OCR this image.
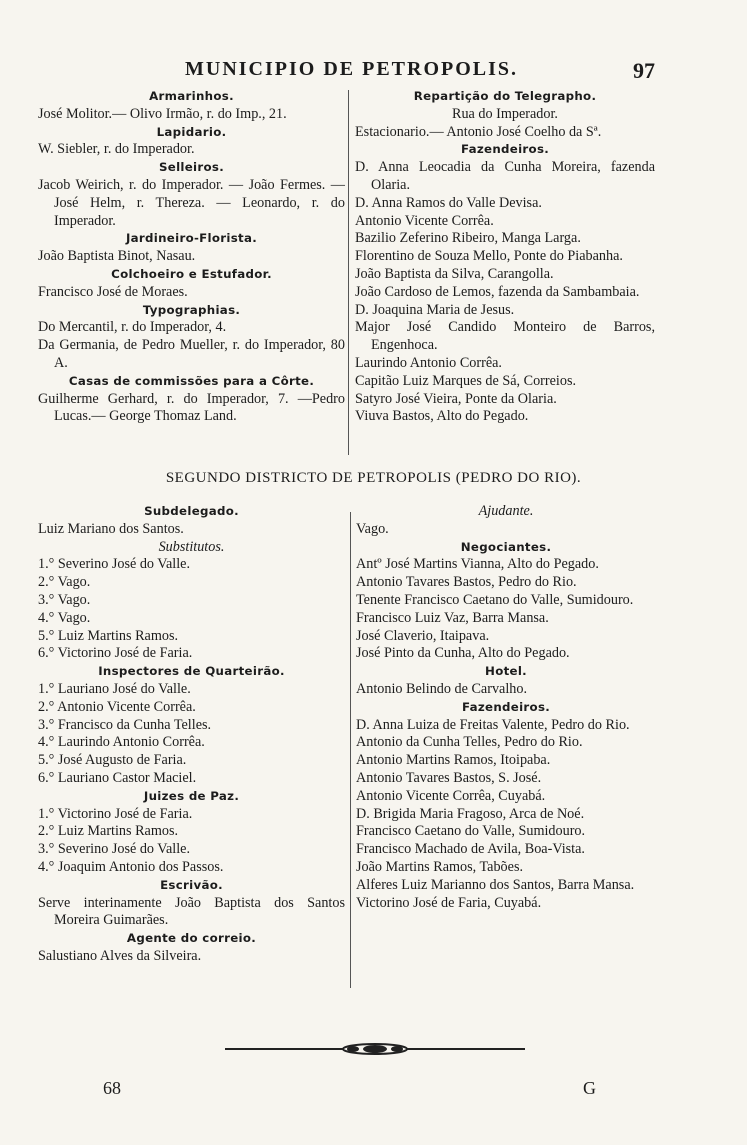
MUNICIPIO DE PETROPOLIS.	97
Armarinhos.
José Molitor.— Olivo Irmão, r. do Imp., 21.
Lapidario.
W. Siebler, r. do Imperador.
Selleiros.
Jacob Weirich, r. do Imperador. — João Fermes. — José Helm, r. Thereza. — Leonardo, r. do Imperador.
Jardineiro-Florista.
João Baptista Binot, Nasau.
Colchoeiro e Estufador.
Francisco José de Moraes.
Typographias.
Do Mercantil, r. do Imperador, 4.
Da Germania, de Pedro Mueller, r. do Imperador, 80 A.
Casas de commissões para a Côrte.
Guilherme Gerhard, r. do Imperador, 7. —Pedro Lucas.— George Thomaz Land.
Repartição do Telegrapho.
Rua do Imperador.
Estacionario.— Antonio José Coelho da Sª.
Fazendeiros.
D. Anna Leocadia da Cunha Moreira, fazenda Olaria.
D. Anna Ramos do Valle Devisa.
Antonio Vicente Corrêa.
Bazilio Zeferino Ribeiro, Manga Larga.
Florentino de Souza Mello, Ponte do Piabanha.
João Baptista da Silva, Carangolla.
João Cardoso de Lemos, fazenda da Sambambaia.
D. Joaquina Maria de Jesus.
Major José Candido Monteiro de Barros, Engenhoca.
Laurindo Antonio Corrêa.
Capitão Luiz Marques de Sá, Correios.
Satyro José Vieira, Ponte da Olaria.
Viuva Bastos, Alto do Pegado.
SEGUNDO DISTRICTO DE PETROPOLIS (PEDRO DO RIO).
Subdelegado.
Luiz Mariano dos Santos.
Substitutos.
1.° Severino José do Valle.
2.° Vago.
3.° Vago.
4.° Vago.
5.° Luiz Martins Ramos.
6.° Victorino José de Faria.
Inspectores de Quarteirão.
1.° Lauriano José do Valle.
2.° Antonio Vicente Corrêa.
3.° Francisco da Cunha Telles.
4.° Laurindo Antonio Corrêa.
5.° José Augusto de Faria.
6.° Lauriano Castor Maciel.
Juizes de Paz.
1.° Victorino José de Faria.
2.° Luiz Martins Ramos.
3.° Severino José do Valle.
4.° Joaquim Antonio dos Passos.
Escrivão.
Serve interinamente João Baptista dos Santos Moreira Guimarães.
Agente do correio.
Salustiano Alves da Silveira.
Ajudante.
Vago.
Negociantes.
Antº José Martins Vianna, Alto do Pegado.
Antonio Tavares Bastos, Pedro do Rio.
Tenente Francisco Caetano do Valle, Sumidouro.
Francisco Luiz Vaz, Barra Mansa.
José Claverio, Itaipava.
José Pinto da Cunha, Alto do Pegado.
Hotel.
Antonio Belindo de Carvalho.
Fazendeiros.
D. Anna Luiza de Freitas Valente, Pedro do Rio.
Antonio da Cunha Telles, Pedro do Rio.
Antonio Martins Ramos, Itoipaba.
Antonio Tavares Bastos, S. José.
Antonio Vicente Corrêa, Cuyabá.
D. Brigida Maria Fragoso, Arca de Noé.
Francisco Caetano do Valle, Sumidouro.
Francisco Machado de Avila, Boa-Vista.
João Martins Ramos, Tabões.
Alferes Luiz Marianno dos Santos, Barra Mansa.
Victorino José de Faria, Cuyabá.
68	G
